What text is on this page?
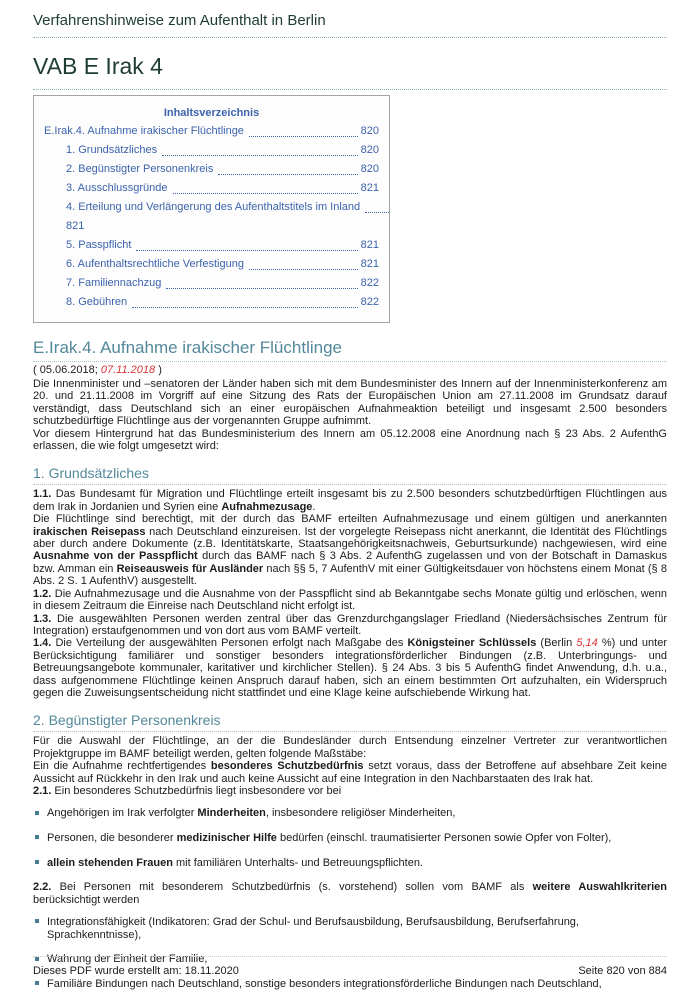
Verfahrenshinweise zum Aufenthalt in Berlin
VAB E Irak 4
Inhaltsverzeichnis
E.Irak.4. Aufnahme irakischer Flüchtlinge	820
1. Grundsätzliches	820
2. Begünstigter Personenkreis	820
3. Ausschlussgründe	821
4. Erteilung und Verlängerung des Aufenthaltstitels im Inland
821
5. Passpflicht	821
6. Aufenthaltsrechtliche Verfestigung	821
7. Familiennachzug	822
8. Gebühren	822
E.Irak.4. Aufnahme irakischer Flüchtlinge
( 05.06.2018; 07.11.2018 )

Die Innenminister und –senatoren der Länder haben sich mit dem Bundesminister des Innern auf der Innenministerkonferenz am 20. und 21.11.2008 im Vorgriff auf eine Sitzung des Rats der Europäischen Union am 27.11.2008 im Grundsatz darauf verständigt, dass Deutschland sich an einer europäischen Aufnahmeaktion beteiligt und insgesamt 2.500 besonders schutzbedürftige Flüchtlinge aus der vorgenannten Gruppe aufnimmt.

Vor diesem Hintergrund hat das Bundesministerium des Innern am 05.12.2008 eine Anordnung nach § 23 Abs. 2 AufenthG erlassen, die wie folgt umgesetzt wird:

1. Grundsätzliches

1.1. Das Bundesamt für Migration und Flüchtlinge erteilt insgesamt bis zu 2.500 besonders schutzbedürftigen Flüchtlingen aus dem Irak in Jordanien und Syrien eine Aufnahmezusage.

Die Flüchtlinge sind berechtigt, mit der durch das BAMF erteilten Aufnahmezusage und einem gültigen und anerkannten irakischen Reisepass nach Deutschland einzureisen. Ist der vorgelegte Reisepass nicht anerkannt, die Identität des Flüchtlings aber durch andere Dokumente (z.B. Identitätskarte, Staatsangehörigkeitsnachweis, Geburtsurkunde) nachgewiesen, wird eine Ausnahme von der Passpflicht durch das BAMF nach § 3 Abs. 2 AufenthG zugelassen und von der Botschaft in Damaskus bzw. Amman ein Reiseausweis für Ausländer nach §§ 5, 7 AufenthV mit einer Gültigkeitsdauer von höchstens einem Monat (§ 8 Abs. 2 S. 1 AufenthV) ausgestellt.

1.2. Die Aufnahmezusage und die Ausnahme von der Passpflicht sind ab Bekanntgabe sechs Monate gültig und erlöschen, wenn in diesem Zeitraum die Einreise nach Deutschland nicht erfolgt ist.

1.3. Die ausgewählten Personen werden zentral über das Grenzdurchgangslager Friedland (Niedersächsisches Zentrum für Integration) erstaufgenommen und von dort aus vom BAMF verteilt.

1.4. Die Verteilung der ausgewählten Personen erfolgt nach Maßgabe des Königsteiner Schlüssels (Berlin 5,14 %) und unter Berücksichtigung familiärer und sonstiger besonders integrationsförderlicher Bindungen (z.B. Unterbringungs- und Betreuungsangebote kommunaler, karitativer und kirchlicher Stellen). § 24 Abs. 3 bis 5 AufenthG findet Anwendung, d.h. u.a., dass aufgenommene Flüchtlinge keinen Anspruch darauf haben, sich an einem bestimmten Ort aufzuhalten, ein Widerspruch gegen die Zuweisungsentscheidung nicht stattfindet und eine Klage keine aufschiebende Wirkung hat.

2. Begünstigter Personenkreis

Für die Auswahl der Flüchtlinge, an der die Bundesländer durch Entsendung einzelner Vertreter zur verantwortlichen Projektgruppe im BAMF beteiligt werden, gelten folgende Maßstäbe:

Ein die Aufnahme rechtfertigendes besonderes Schutzbedürfnis setzt voraus, dass der Betroffene auf absehbare Zeit keine Aussicht auf Rückkehr in den Irak und auch keine Aussicht auf eine Integration in den Nachbarstaaten des Irak hat.

2.1. Ein besonderes Schutzbedürfnis liegt insbesondere vor bei

Angehörigen im Irak verfolgter Minderheiten, insbesondere religiöser Minderheiten,
Personen, die besonderer medizinischer Hilfe bedürfen (einschl. traumatisierter Personen sowie Opfer von Folter),
allein stehenden Frauen mit familiären Unterhalts- und Betreuungspflichten.

2.2. Bei Personen mit besonderem Schutzbedürfnis (s. vorstehend) sollen vom BAMF als weitere Auswahlkriterien berücksichtigt werden

Integrationsfähigkeit (Indikatoren: Grad der Schul- und Berufsausbildung, Berufsausbildung, Berufserfahrung, Sprachkenntnisse),
Wahrung der Einheit der Familie,
Familiäre Bindungen nach Deutschland, sonstige besonders integrationsförderliche Bindungen nach Deutschland,
Dieses PDF wurde erstellt am: 18.11.2020	Seite 820 von 884
